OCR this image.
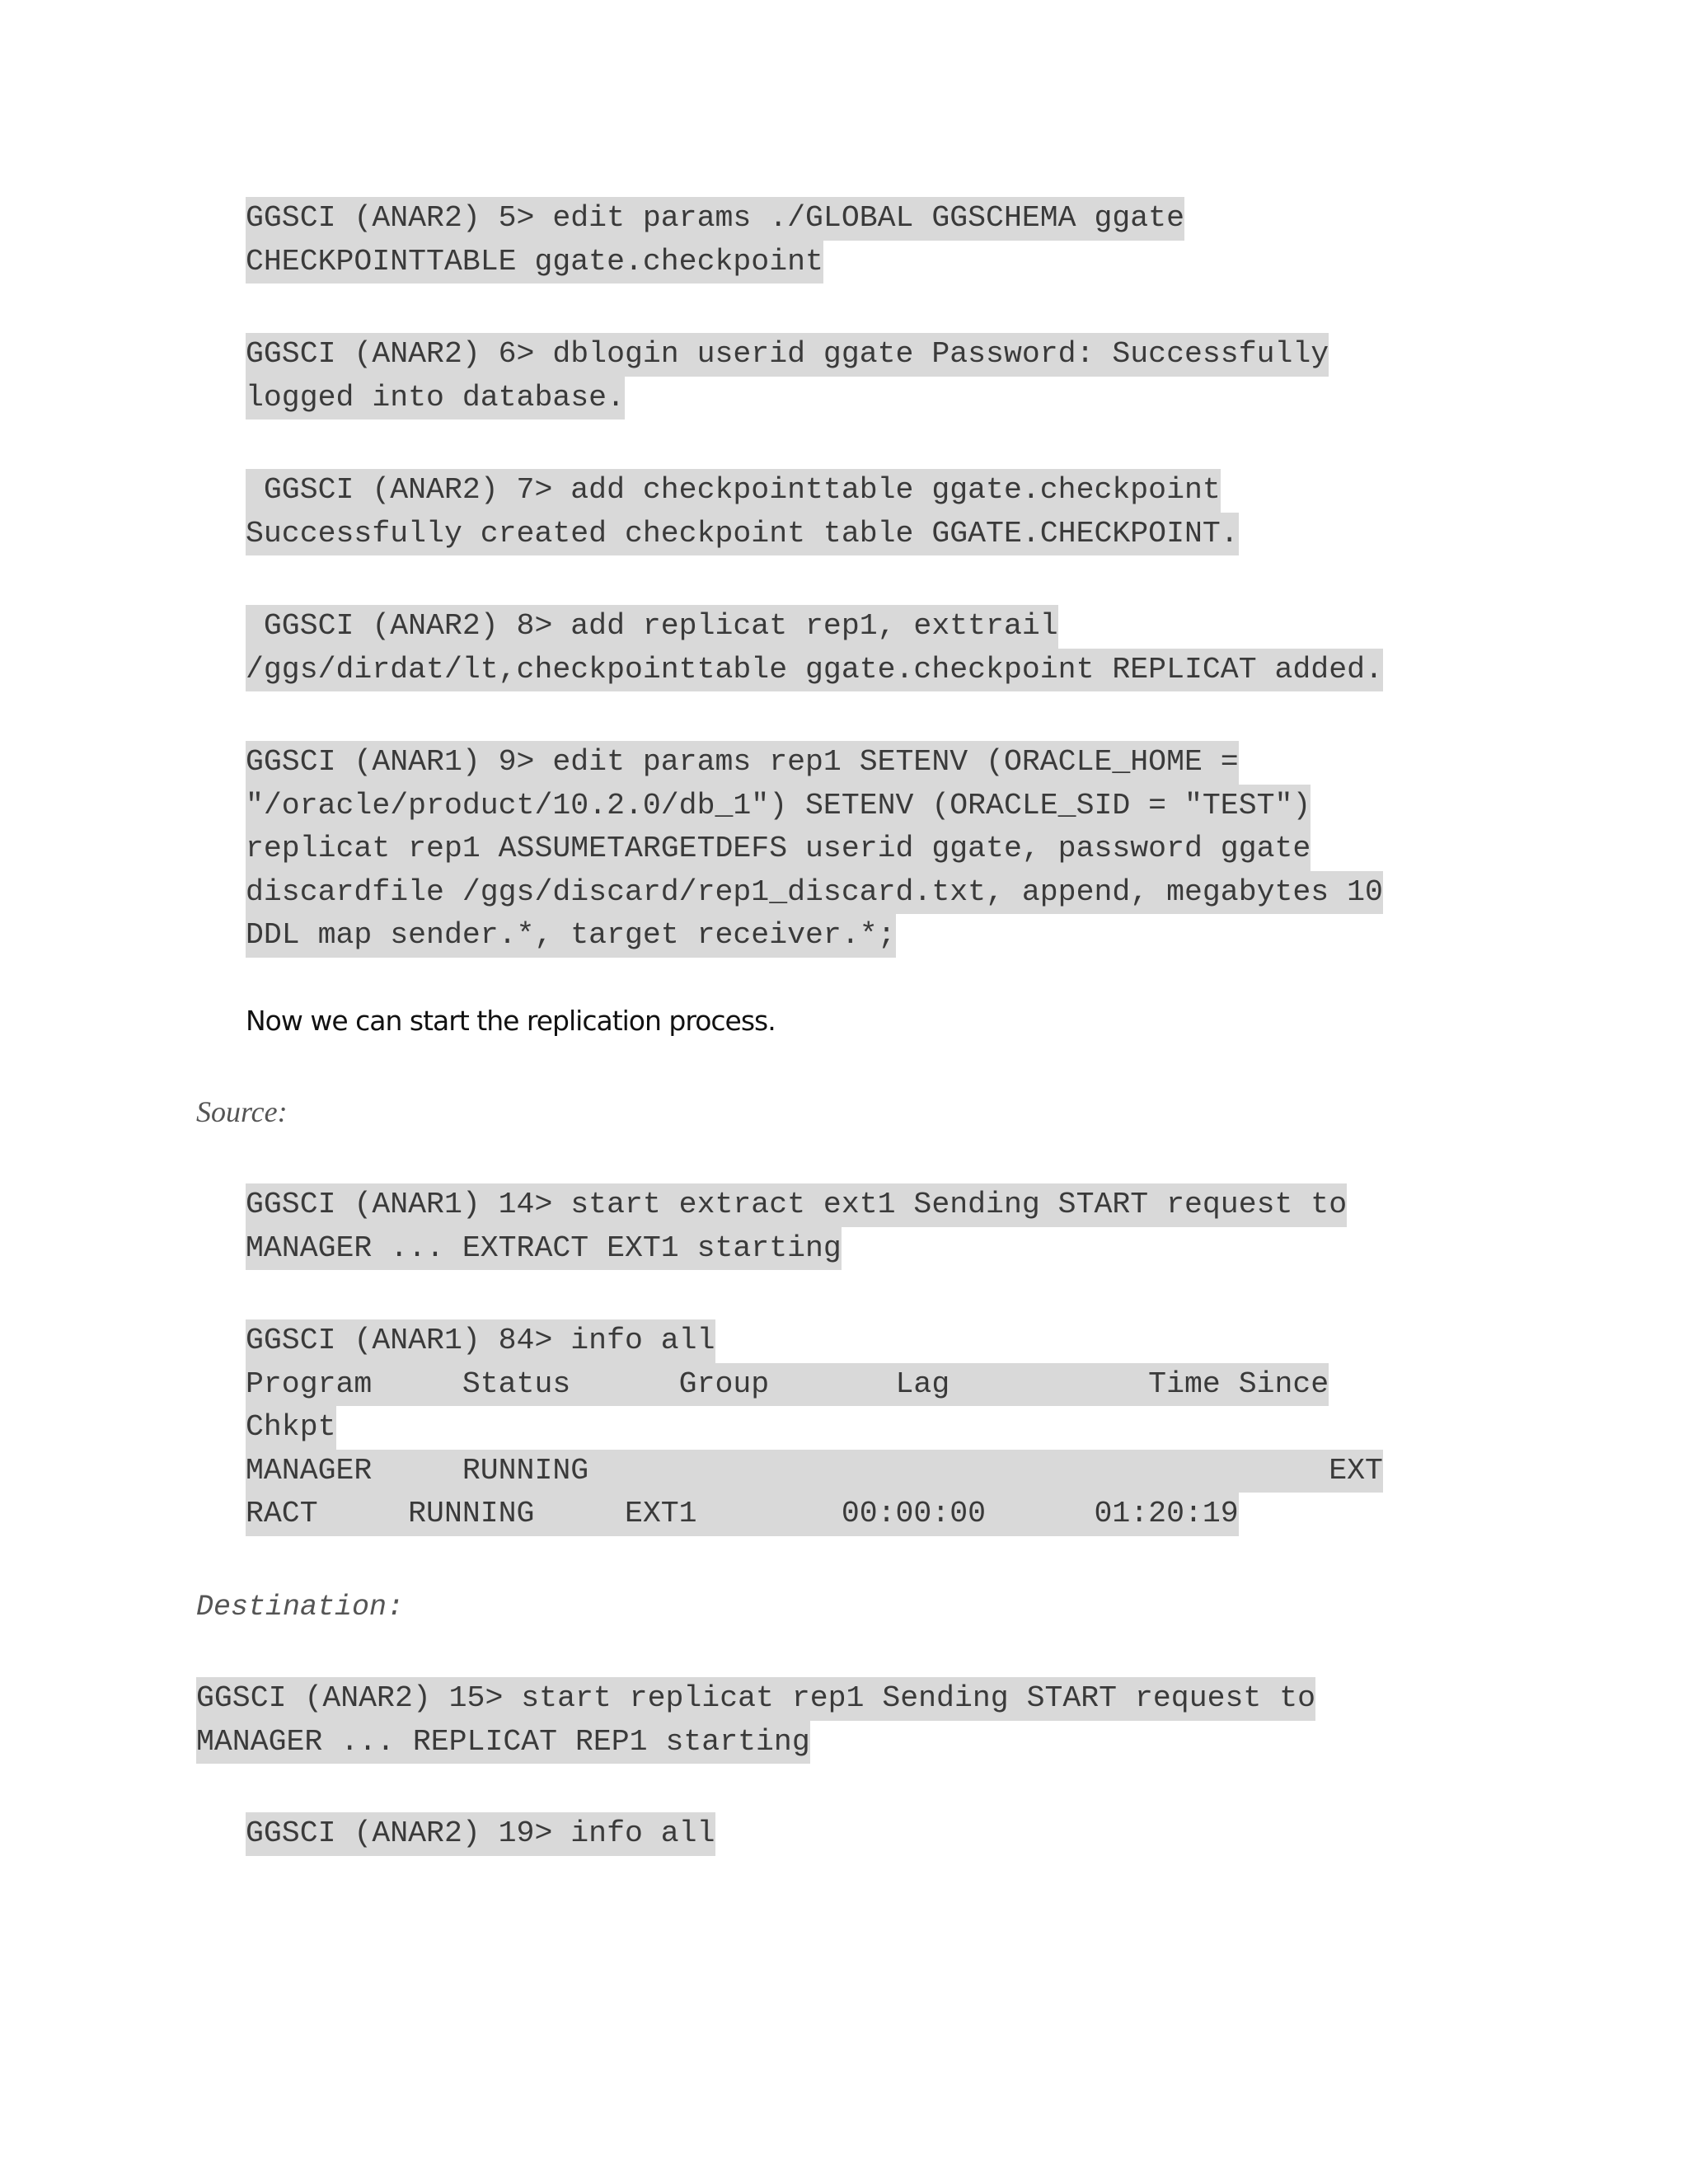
GGSCI (ANAR2) 5> edit params ./GLOBAL GGSCHEMA ggate
CHECKPOINTTABLE ggate.checkpoint
GGSCI (ANAR2) 6> dblogin userid ggate Password: Successfully
logged into database.
GGSCI (ANAR2) 7> add checkpointtable ggate.checkpoint
Successfully created checkpoint table GGATE.CHECKPOINT.
GGSCI (ANAR2) 8> add replicat rep1, exttrail
/ggs/dirdat/lt,checkpointtable ggate.checkpoint REPLICAT added.
GGSCI (ANAR1) 9> edit params rep1 SETENV (ORACLE_HOME =
"/oracle/product/10.2.0/db_1") SETENV (ORACLE_SID = "TEST")
replicat rep1 ASSUMETARGETDEFS userid ggate, password ggate
discardfile /ggs/discard/rep1_discard.txt, append, megabytes 10
DDL map sender.*, target receiver.*;
Now we can start the replication process.
Source:
GGSCI (ANAR1) 14> start extract ext1 Sending START request to
MANAGER ... EXTRACT EXT1 starting
GGSCI (ANAR1) 84> info all
Program     Status      Group       Lag           Time Since
Chkpt
MANAGER     RUNNING                                         EXT
RACT     RUNNING     EXT1        00:00:00      01:20:19
Destination:
GGSCI (ANAR2) 15> start replicat rep1 Sending START request to
MANAGER ... REPLICAT REP1 starting
GGSCI (ANAR2) 19> info all
